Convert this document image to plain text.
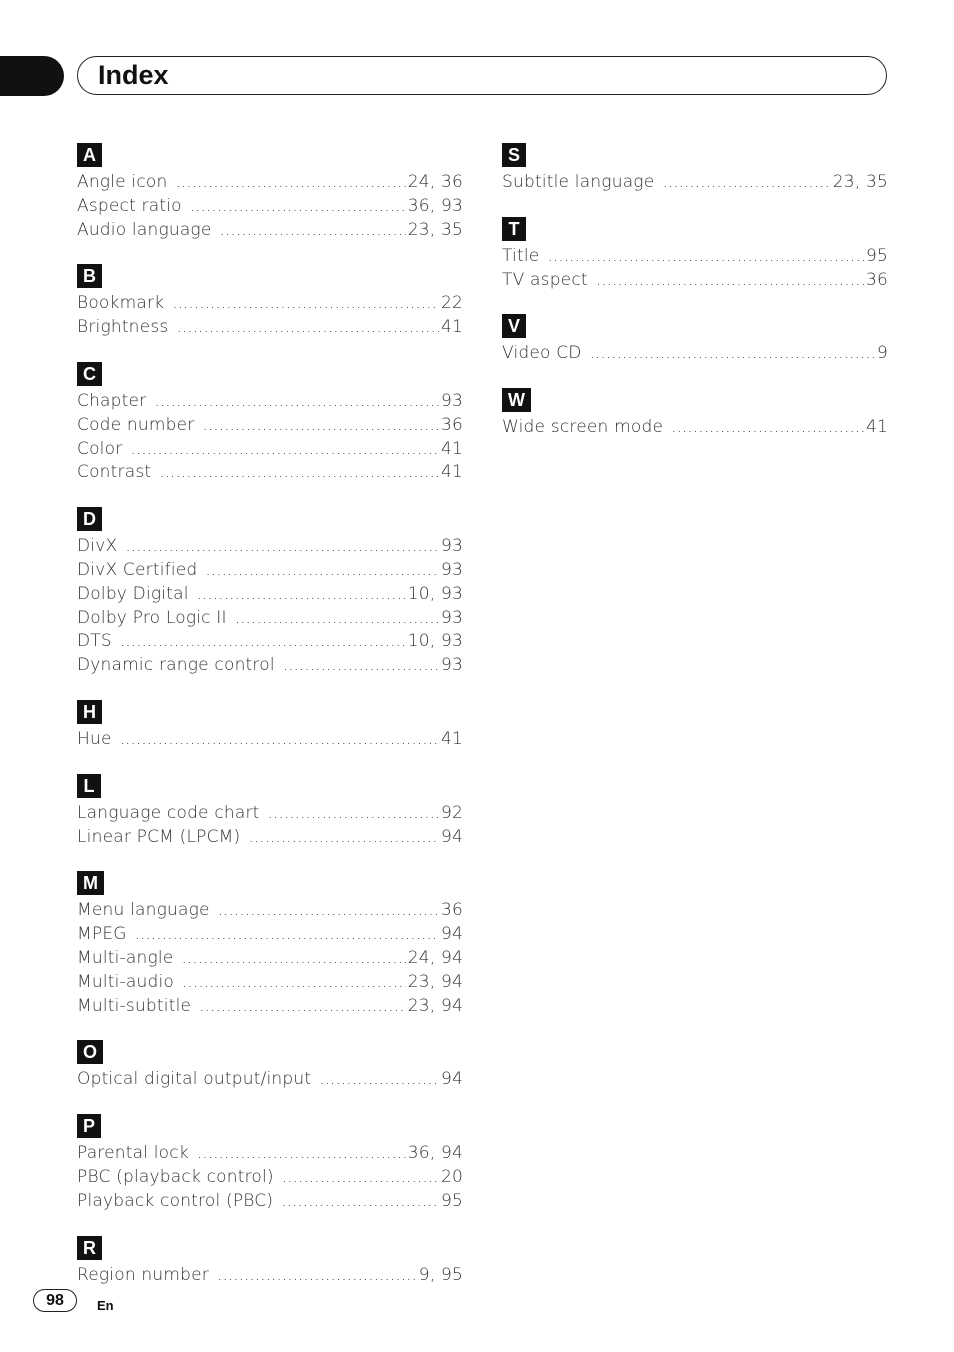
Index
A
Angle icon .....	24, 36
Aspect ratio .....	36, 93
Audio language .....	23, 35
B
Bookmark .....	22
Brightness .....	41
C
Chapter .....	93
Code number .....	36
Color .....	41
Contrast .....	41
D
DivX .....	93
DivX Certified .....	93
Dolby Digital .....	10, 93
Dolby Pro Logic II .....	93
DTS .....	10, 93
Dynamic range control .....	93
H
Hue .....	41
L
Language code chart .....	92
Linear PCM (LPCM) .....	94
M
Menu language .....	36
MPEG .....	94
Multi-angle .....	24, 94
Multi-audio .....	23, 94
Multi-subtitle .....	23, 94
O
Optical digital output/input .....	94
P
Parental lock .....	36, 94
PBC (playback control) .....	20
Playback control (PBC) .....	95
R
Region number .....	9, 95
S
Subtitle language .....	23, 35
T
Title .....	95
TV aspect .....	36
V
Video CD .....	9
W
Wide screen mode .....	41
98	En
